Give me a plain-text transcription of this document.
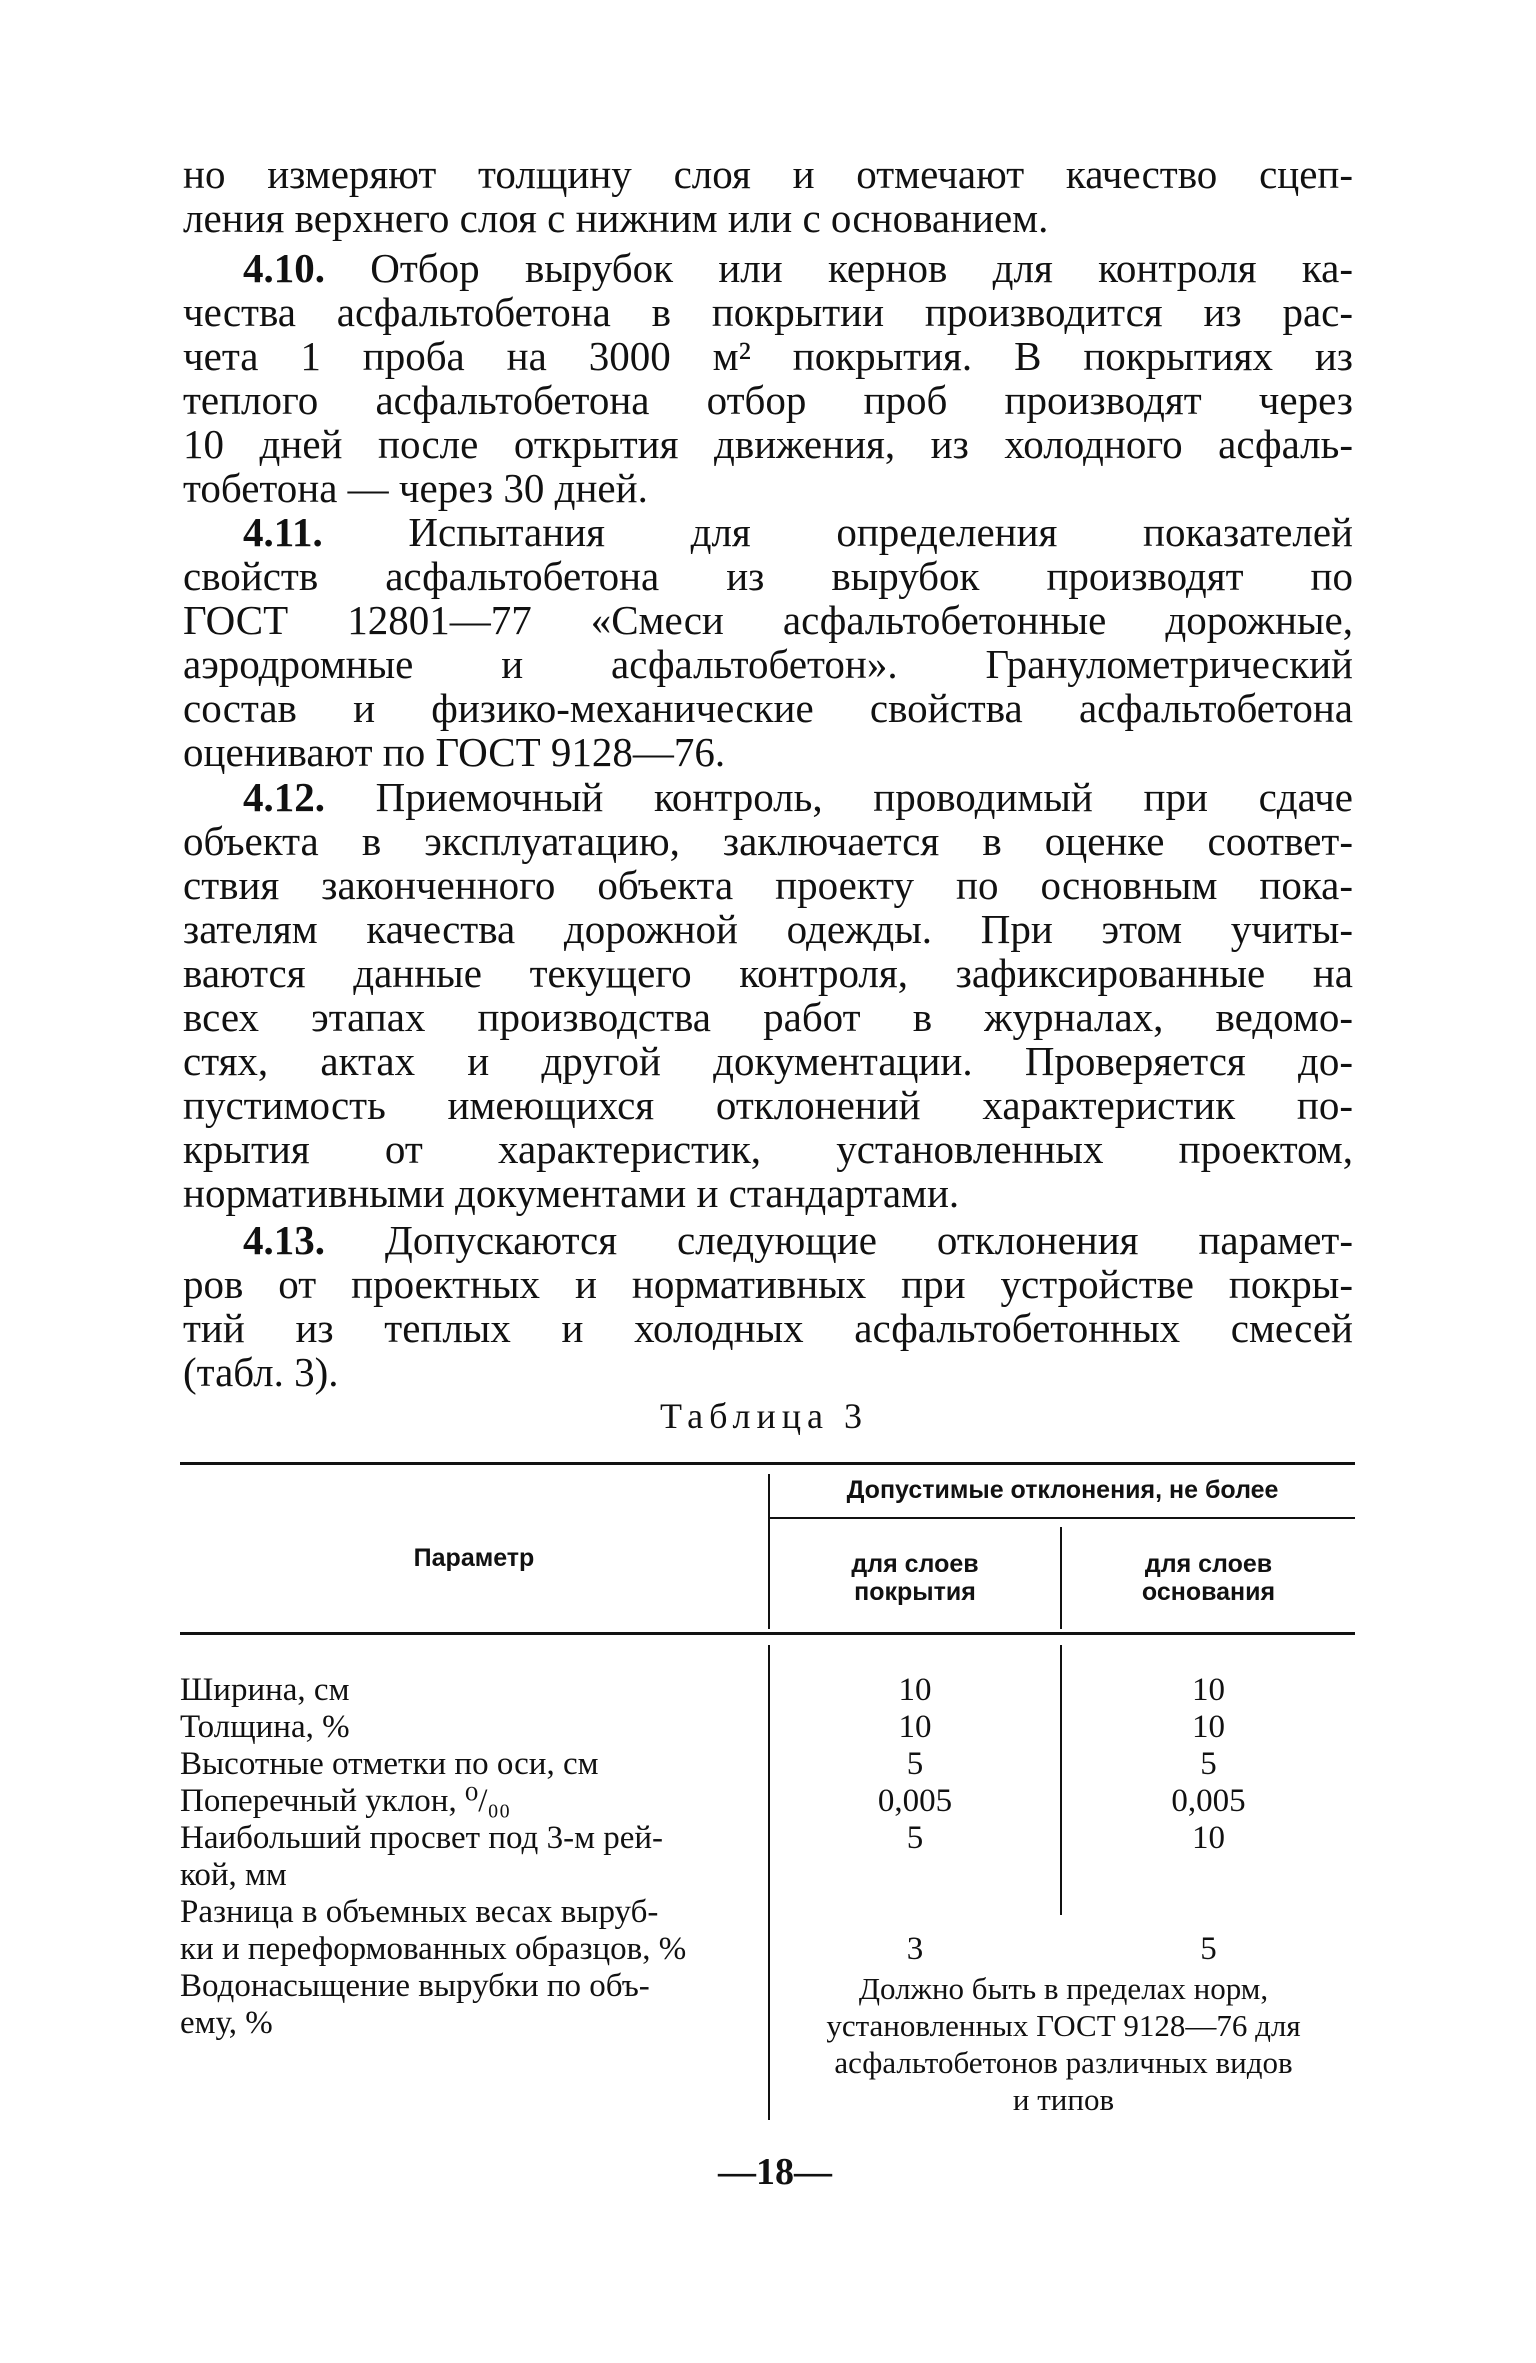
но измеряют толщину слоя и отмечают качество сцеп-
ления верхнего слоя с нижним или с основанием.
4.10. Отбор вырубок или кернов для контроля ка-
чества асфальтобетона в покрытии производится из рас-
чета 1 проба на 3000 м² покрытия. В покрытиях из
теплого асфальтобетона отбор проб производят через
10 дней после открытия движения, из холодного асфаль-
тобетона — через 30 дней.
4.11. Испытания для определения показателей
свойств асфальтобетона из вырубок производят по
ГОСТ 12801—77 «Смеси асфальтобетонные дорожные,
аэродромные и асфальтобетон». Гранулометрический
состав и физико-механические свойства асфальтобетона
оценивают по ГОСТ 9128—76.
4.12. Приемочный контроль, проводимый при сдаче
объекта в эксплуатацию, заключается в оценке соответ-
ствия законченного объекта проекту по основным пока-
зателям качества дорожной одежды. При этом учиты-
ваются данные текущего контроля, зафиксированные на
всех этапах производства работ в журналах, ведомо-
стях, актах и другой документации. Проверяется до-
пустимость имеющихся отклонений характеристик по-
крытия от характеристик, установленных проектом,
нормативными документами и стандартами.
4.13. Допускаются следующие отклонения парамет-
ров от проектных и нормативных при устройстве покры-
тий из теплых и холодных асфальтобетонных смесей
(табл. 3).
Таблица 3
Параметр
Допустимые отклонения, не более
для слоев
покрытия
для слоев
основания
Ширина, см
Толщина, %
Высотные отметки по оси, см
Поперечный уклон, ⁰/₀₀
Наибольший просвет под 3-м рей-
кой, мм
Разница в объемных весах выруб-
ки и переформованных образцов, %
Водонасыщение вырубки по объ-
ему, %
10
10
5
0,005
5
3
10
10
5
0,005
10
5
Должно быть в пределах норм,
установленных ГОСТ 9128—76 для
асфальтобетонов различных видов
и типов
—18—
